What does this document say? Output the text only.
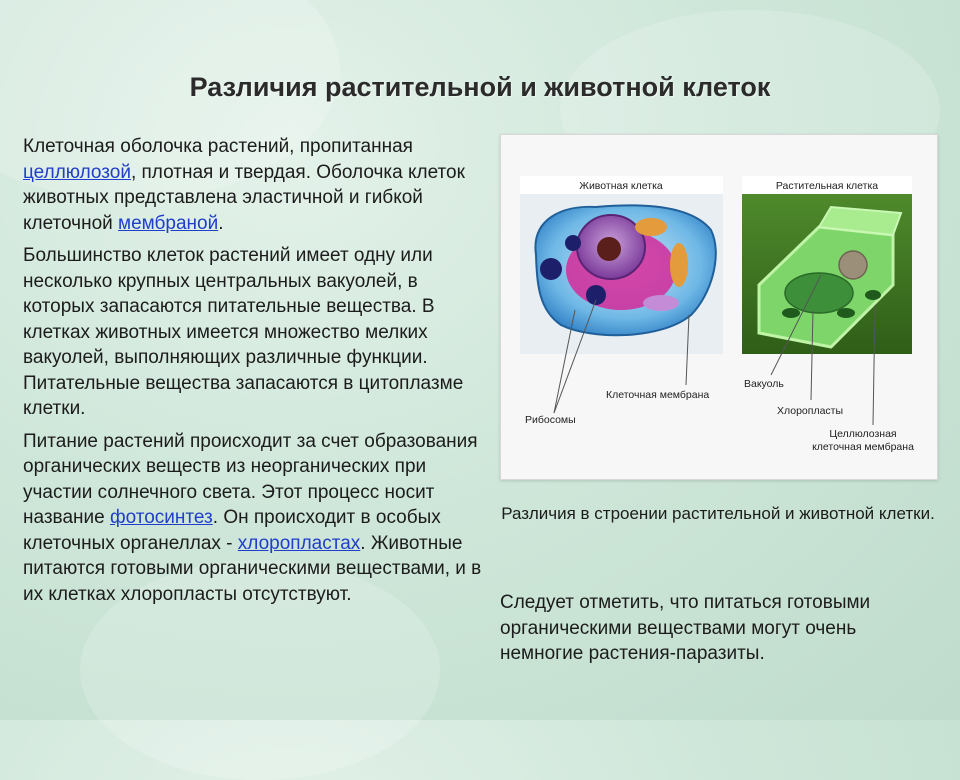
Различия растительной и животной клеток

Клеточная оболочка растений, пропитанная целлюлозой, плотная и твердая. Оболочка клеток животных представлена эластичной и гибкой клеточной мембраной.

Большинство клеток растений имеет одну или несколько крупных центральных вакуолей, в которых запасаются питательные вещества. В клетках животных имеется множество мелких вакуолей, выполняющих различные функции. Питательные вещества запасаются в цитоплазме клетки.

Питание растений происходит за счет образования органических веществ из неорганических при участии солнечного света. Этот процесс носит название фотосинтез. Он происходит в особых клеточных органеллах - хлоропластах. Животные питаются готовыми органическими веществами, и в их клетках хлоропласты отсутствуют.

Животная клетка
Рибосомы
Клеточная мембрана
Растительная клетка
Вакуоль
Хлоропласты
Целлюлозная
клеточная мембрана
Различия в строении растительной и животной клетки.
Следует отметить, что питаться готовыми органическими веществами могут очень немногие растения-паразиты.
